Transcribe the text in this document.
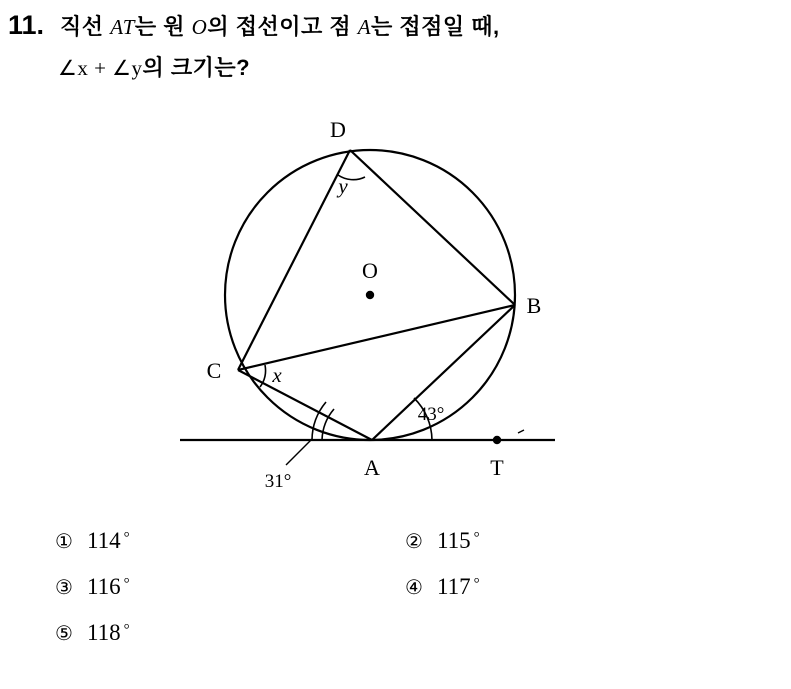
11. 직선 AT는 원 O의 접선이고 점 A는 접점일 때,
∠x + ∠y의 크기는?
D
O
B
C
A	T
y
x
31°
43°
① 114 °	② 115 °
③ 116 °	④ 117 °
⑤ 118 °
